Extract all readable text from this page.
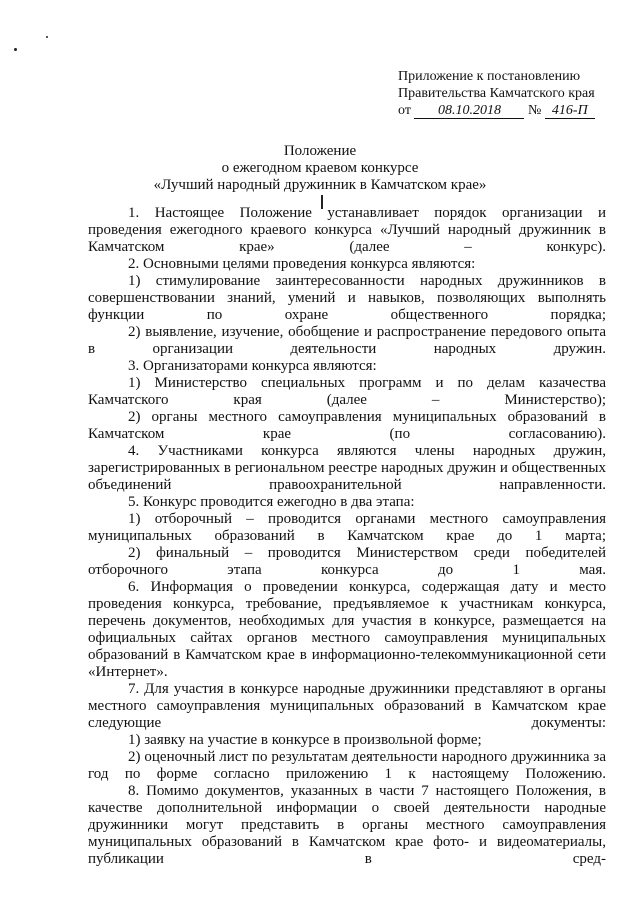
Приложение к постановлению
Правительства Камчатского края
от 08.10.2018 № 416-П
Положение
о ежегодном краевом конкурсе
«Лучший народный дружинник в Камчатском крае»

1. Настоящее Положение устанавливает порядок организации и проведения ежегодного краевого конкурса «Лучший народный дружинник в Камчатском крае» (далее – конкурс).

2. Основными целями проведения конкурса являются:

1) стимулирование заинтересованности народных дружинников в совершенствовании знаний, умений и навыков, позволяющих выполнять функции по охране общественного порядка;

2) выявление, изучение, обобщение и распространение передового опыта в организации деятельности народных дружин.

3. Организаторами конкурса являются:

1) Министерство специальных программ и по делам казачества Камчатского края (далее – Министерство);

2) органы местного самоуправления муниципальных образований в Камчатском крае (по согласованию).

4. Участниками конкурса являются члены народных дружин, зарегистрированных в региональном реестре народных дружин и общественных объединений правоохранительной направленности.

5. Конкурс проводится ежегодно в два этапа:

1) отборочный – проводится органами местного самоуправления муниципальных образований в Камчатском крае до 1 марта;

2) финальный – проводится Министерством среди победителей отборочного этапа конкурса до 1 мая.

6. Информация о проведении конкурса, содержащая дату и место проведения конкурса, требование, предъявляемое к участникам конкурса, перечень документов, необходимых для участия в конкурсе, размещается на официальных сайтах органов местного самоуправления муниципальных образований в Камчатском крае в информационно-телекоммуникационной сети «Интернет».

7. Для участия в конкурсе народные дружинники представляют в органы местного самоуправления муниципальных образований в Камчатском крае следующие документы:

1) заявку на участие в конкурсе в произвольной форме;

2) оценочный лист по результатам деятельности народного дружинника за год по форме согласно приложению 1 к настоящему Положению.

8. Помимо документов, указанных в части 7 настоящего Положения, в качестве дополнительной информации о своей деятельности народные дружинники могут представить в органы местного самоуправления муниципальных образований в Камчатском крае фото- и видеоматериалы, публикации в сред-
